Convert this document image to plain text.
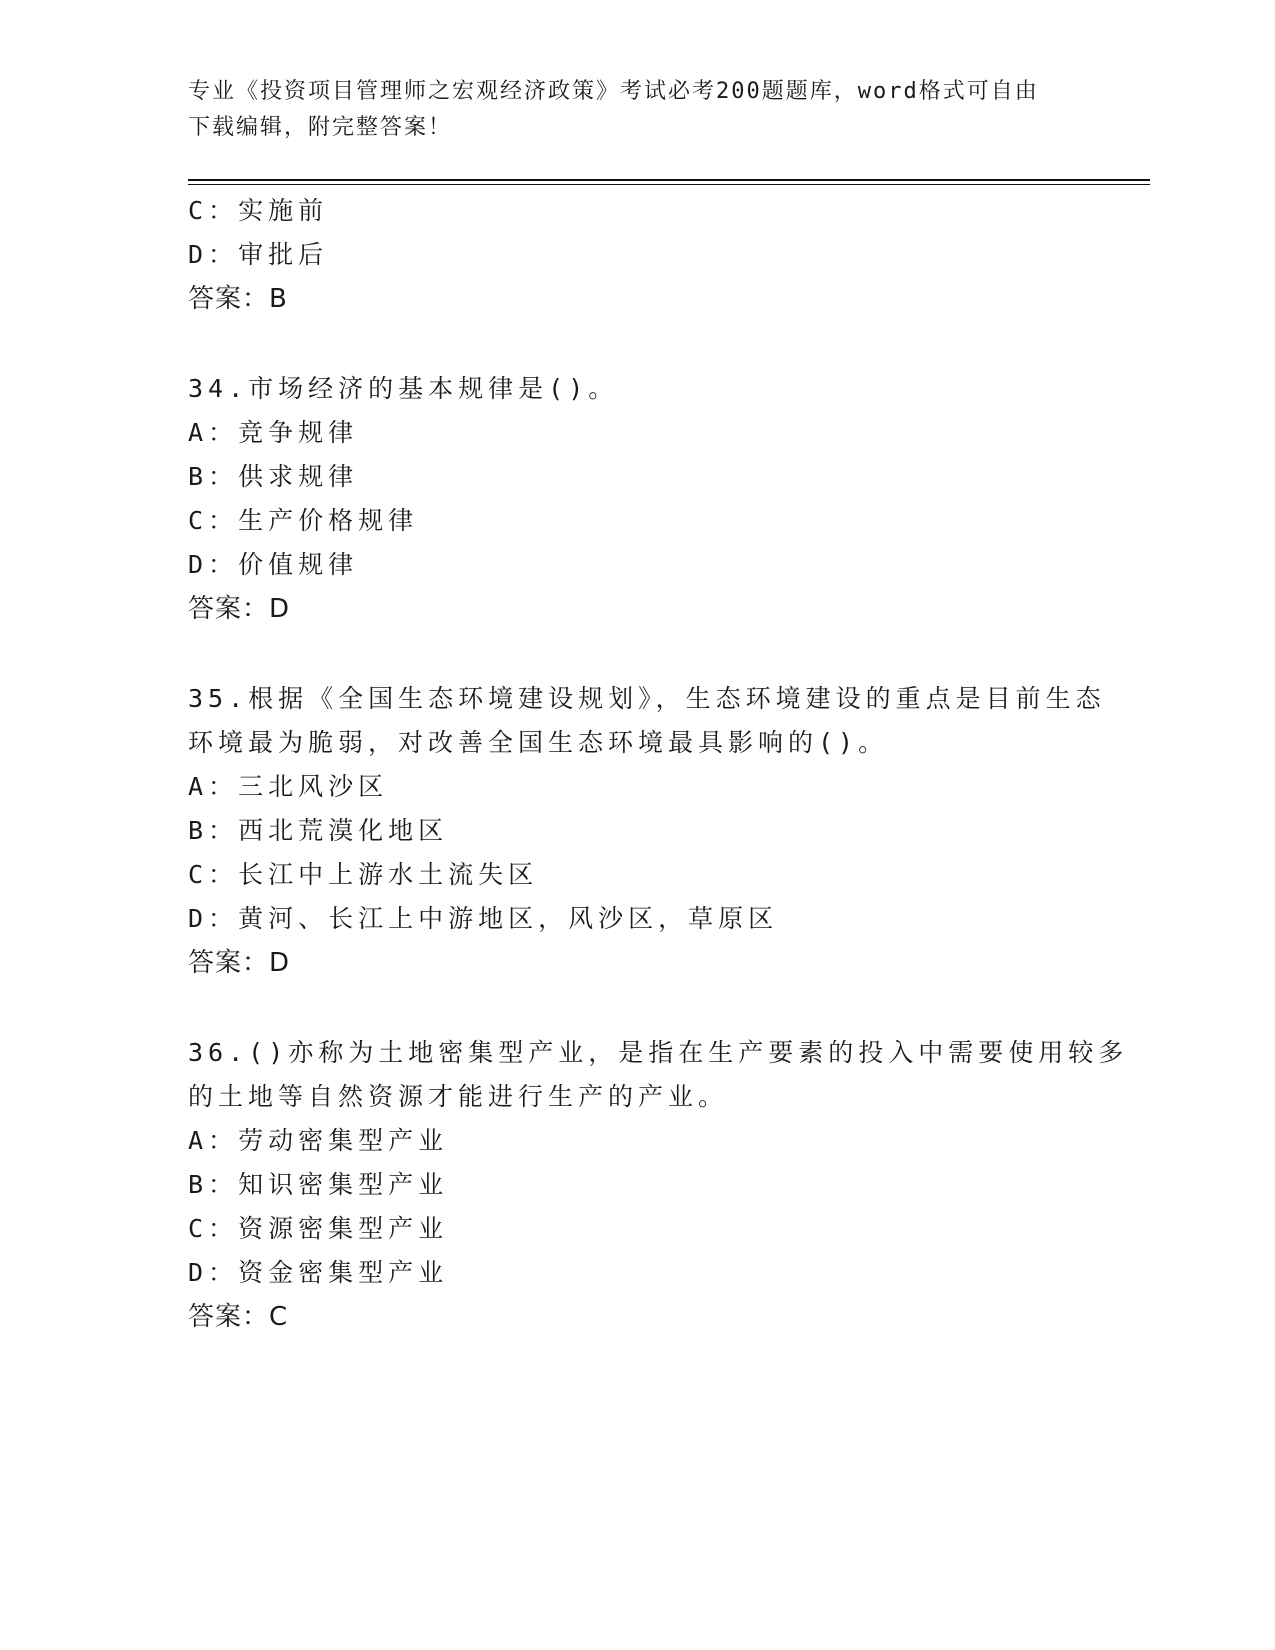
专业《投资项目管理师之宏观经济政策》考试必考200题题库，word格式可自由
下载编辑，附完整答案！
C：实施前
D：审批后
答案：B
34.市场经济的基本规律是()。
A：竞争规律
B：供求规律
C：生产价格规律
D：价值规律
答案：D
35.根据《全国生态环境建设规划》，生态环境建设的重点是目前生态
环境最为脆弱，对改善全国生态环境最具影响的()。
A：三北风沙区
B：西北荒漠化地区
C：长江中上游水土流失区
D：黄河、长江上中游地区，风沙区，草原区
答案：D
36.()亦称为土地密集型产业，是指在生产要素的投入中需要使用较多
的土地等自然资源才能进行生产的产业。
A：劳动密集型产业
B：知识密集型产业
C：资源密集型产业
D：资金密集型产业
答案：C
